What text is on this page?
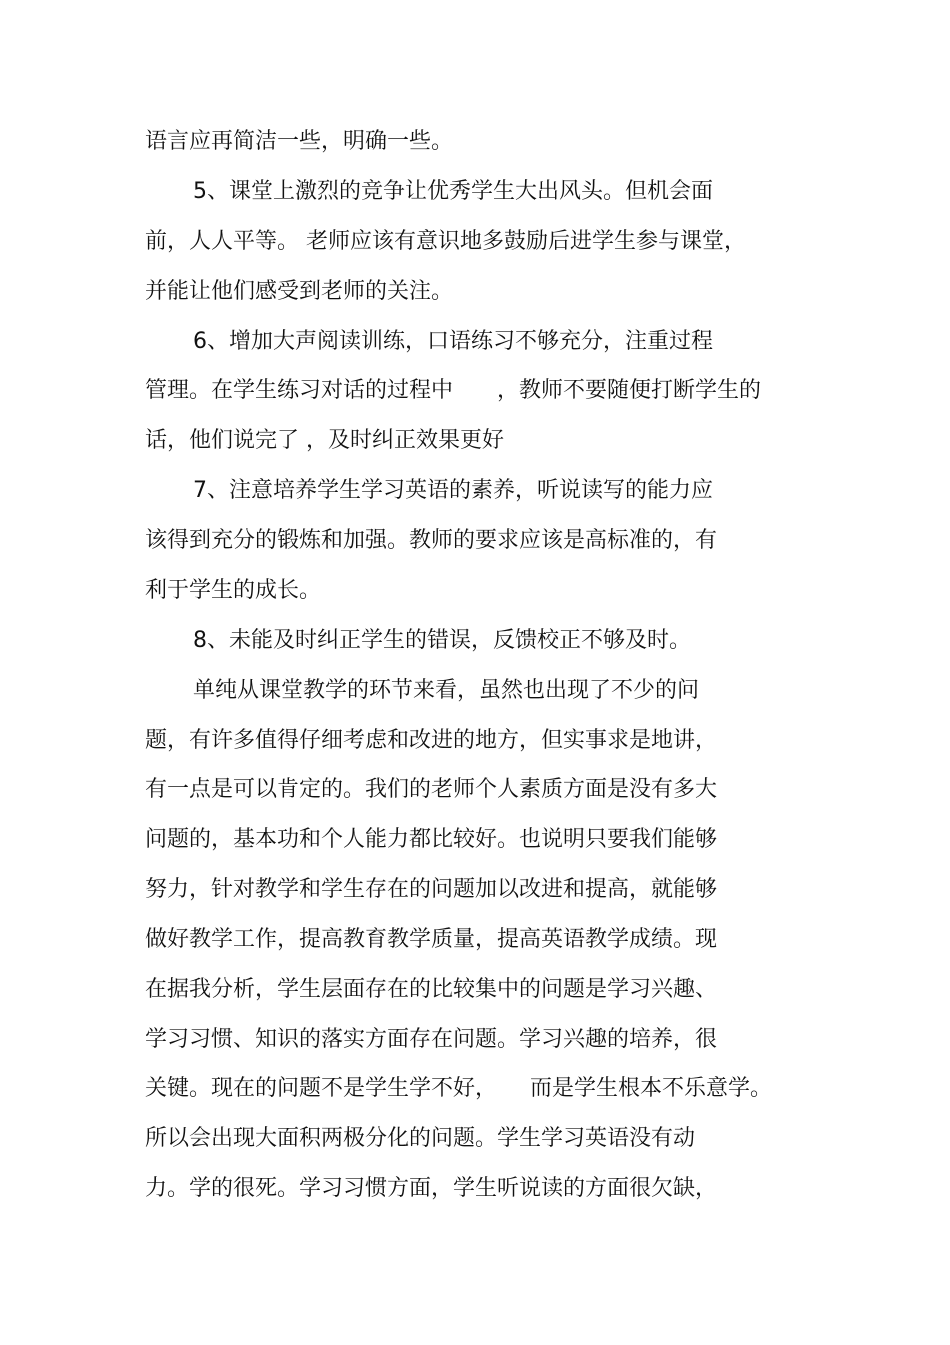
语言应再简洁一些，明确一些。
5、课堂上激烈的竞争让优秀学生大出风头。但机会面
前，人人平等。 老师应该有意识地多鼓励后进学生参与课堂，
并能让他们感受到老师的关注。
6、增加大声阅读训练，口语练习不够充分，注重过程
管理。在学生练习对话的过程中　　，教师不要随便打断学生的
话，他们说完了 ，及时纠正效果更好
7、注意培养学生学习英语的素养，听说读写的能力应
该得到充分的锻炼和加强。教师的要求应该是高标准的，有
利于学生的成长。
8、未能及时纠正学生的错误，反馈校正不够及时。
单纯从课堂教学的环节来看，虽然也出现了不少的问
题，有许多值得仔细考虑和改进的地方，但实事求是地讲，
有一点是可以肯定的。我们的老师个人素质方面是没有多大
问题的，基本功和个人能力都比较好。也说明只要我们能够
努力，针对教学和学生存在的问题加以改进和提高，就能够
做好教学工作，提高教育教学质量，提高英语教学成绩。现
在据我分析，学生层面存在的比较集中的问题是学习兴趣、
学习习惯、知识的落实方面存在问题。学习兴趣的培养，很
关键。现在的问题不是学生学不好，　　而是学生根本不乐意学。
所以会出现大面积两极分化的问题。学生学习英语没有动
力。学的很死。学习习惯方面，学生听说读的方面很欠缺，
